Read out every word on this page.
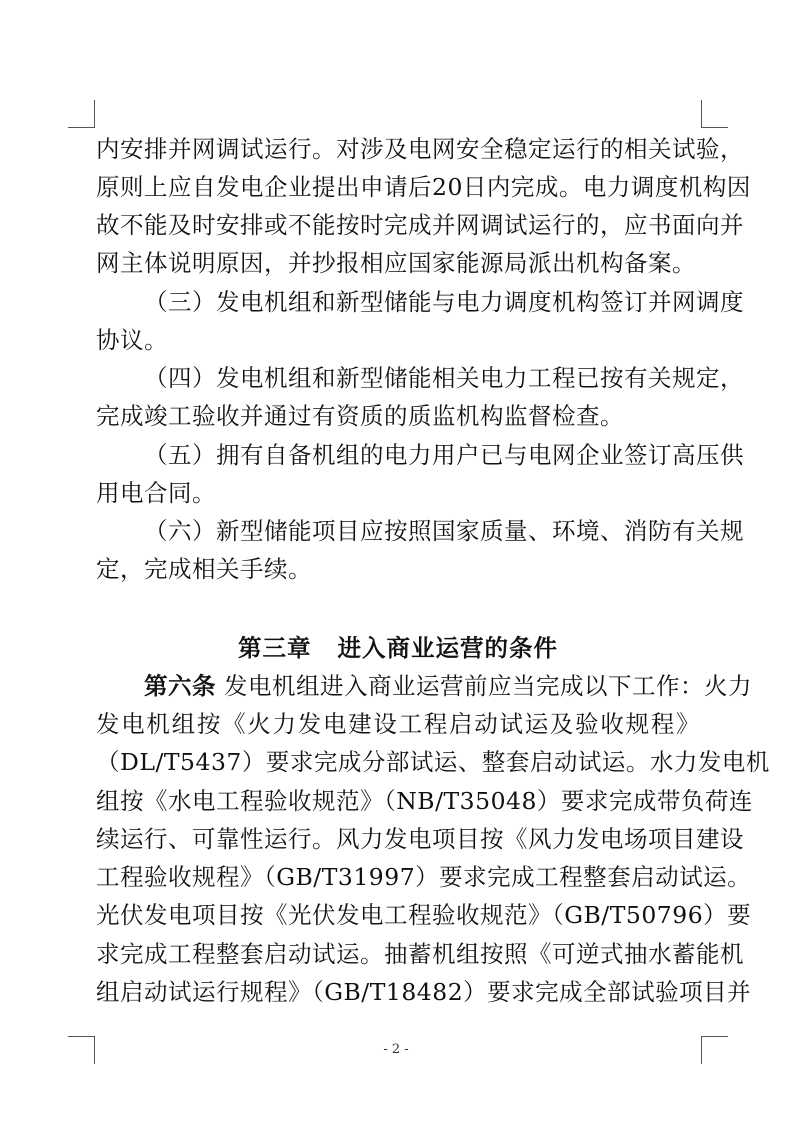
内安排并网调试运行。对涉及电网安全稳定运行的相关试验，
原则上应自发电企业提出申请后20日内完成。电力调度机构因
故不能及时安排或不能按时完成并网调试运行的，应书面向并
网主体说明原因，并抄报相应国家能源局派出机构备案。
（三）发电机组和新型储能与电力调度机构签订并网调度
协议。
（四）发电机组和新型储能相关电力工程已按有关规定，
完成竣工验收并通过有资质的质监机构监督检查。
（五）拥有自备机组的电力用户已与电网企业签订高压供
用电合同。
（六）新型储能项目应按照国家质量、环境、消防有关规
定，完成相关手续。
第三章 进入商业运营的条件
第六条 发电机组进入商业运营前应当完成以下工作：火力
发电机组按《火力发电建设工程启动试运及验收规程》
（DL/T5437）要求完成分部试运、整套启动试运。水力发电机
组按《水电工程验收规范》（NB/T35048）要求完成带负荷连
续运行、可靠性运行。风力发电项目按《风力发电场项目建设
工程验收规程》（GB/T31997）要求完成工程整套启动试运。
光伏发电项目按《光伏发电工程验收规范》（GB/T50796）要
求完成工程整套启动试运。抽蓄机组按照《可逆式抽水蓄能机
组启动试运行规程》（GB/T18482）要求完成全部试验项目并
- 2 -
